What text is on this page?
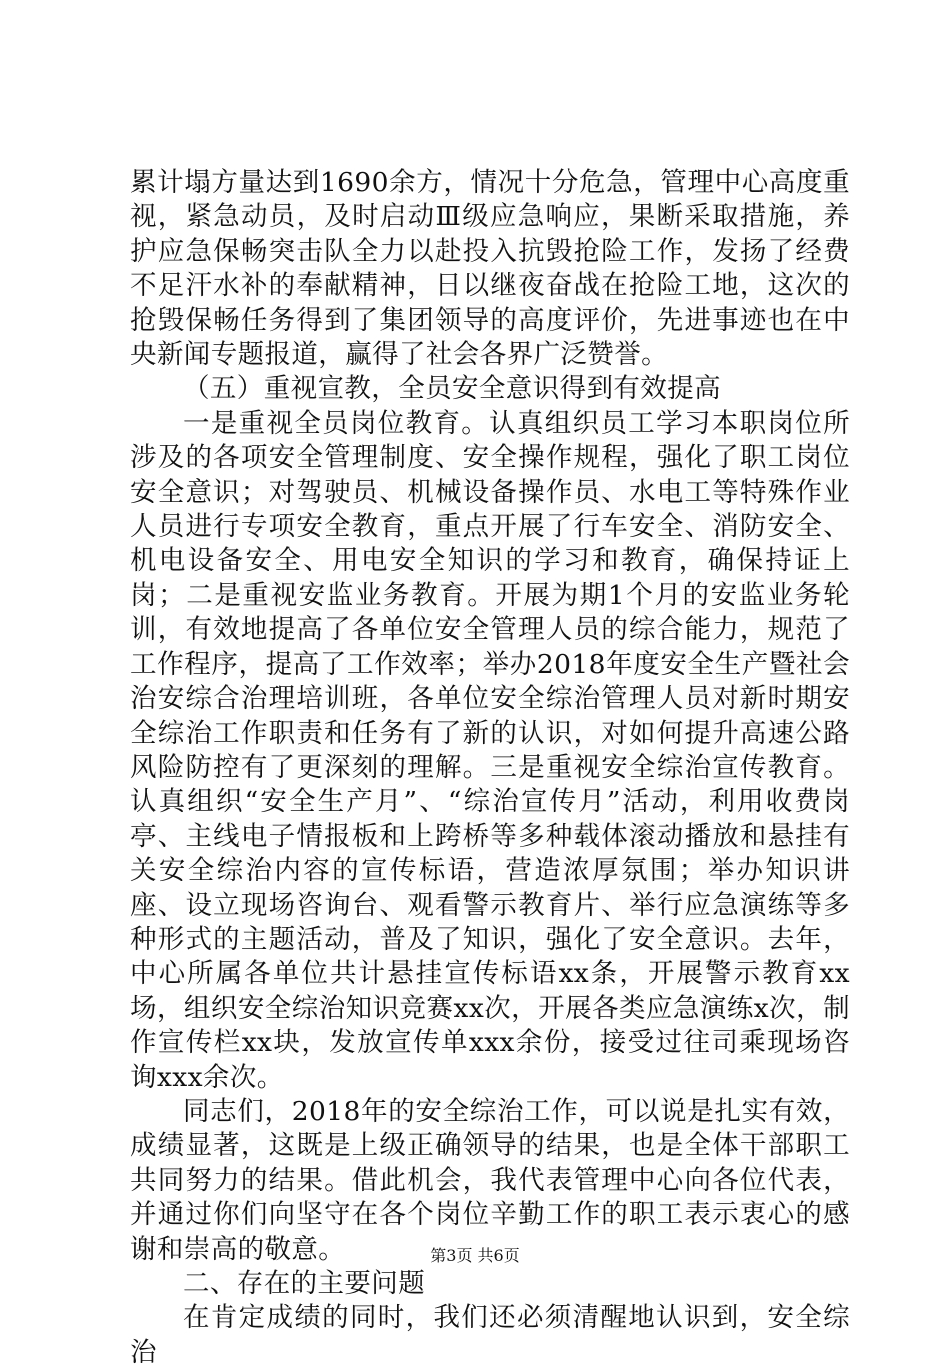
累计塌方量达到1690余方，情况十分危急，管理中心高度重视，紧急动员，及时启动Ⅲ级应急响应，果断采取措施，养护应急保畅突击队全力以赴投入抗毁抢险工作，发扬了经费不足汗水补的奉献精神，日以继夜奋战在抢险工地，这次的抢毁保畅任务得到了集团领导的高度评价，先进事迹也在中央新闻专题报道，赢得了社会各界广泛赞誉。

（五）重视宣教，全员安全意识得到有效提高

一是重视全员岗位教育。认真组织员工学习本职岗位所涉及的各项安全管理制度、安全操作规程，强化了职工岗位安全意识；对驾驶员、机械设备操作员、水电工等特殊作业人员进行专项安全教育，重点开展了行车安全、消防安全、机电设备安全、用电安全知识的学习和教育，确保持证上岗；二是重视安监业务教育。开展为期1个月的安监业务轮训，有效地提高了各单位安全管理人员的综合能力，规范了工作程序，提高了工作效率；举办2018年度安全生产暨社会治安综合治理培训班，各单位安全综治管理人员对新时期安全综治工作职责和任务有了新的认识，对如何提升高速公路风险防控有了更深刻的理解。三是重视安全综治宣传教育。认真组织“安全生产月”、“综治宣传月”活动，利用收费岗亭、主线电子情报板和上跨桥等多种载体滚动播放和悬挂有关安全综治内容的宣传标语，营造浓厚氛围；举办知识讲座、设立现场咨询台、观看警示教育片、举行应急演练等多种形式的主题活动，普及了知识，强化了安全意识。去年，中心所属各单位共计悬挂宣传标语xx条，开展警示教育xx场，组织安全综治知识竞赛xx次，开展各类应急演练x次，制作宣传栏xx块，发放宣传单xxx余份，接受过往司乘现场咨询xxx余次。

同志们，2018年的安全综治工作，可以说是扎实有效，成绩显著，这既是上级正确领导的结果，也是全体干部职工共同努力的结果。借此机会，我代表管理中心向各位代表，并通过你们向坚守在各个岗位辛勤工作的职工表示衷心的感谢和崇高的敬意。

二、存在的主要问题

在肯定成绩的同时，我们还必须清醒地认识到，安全综治

第3页 共6页
